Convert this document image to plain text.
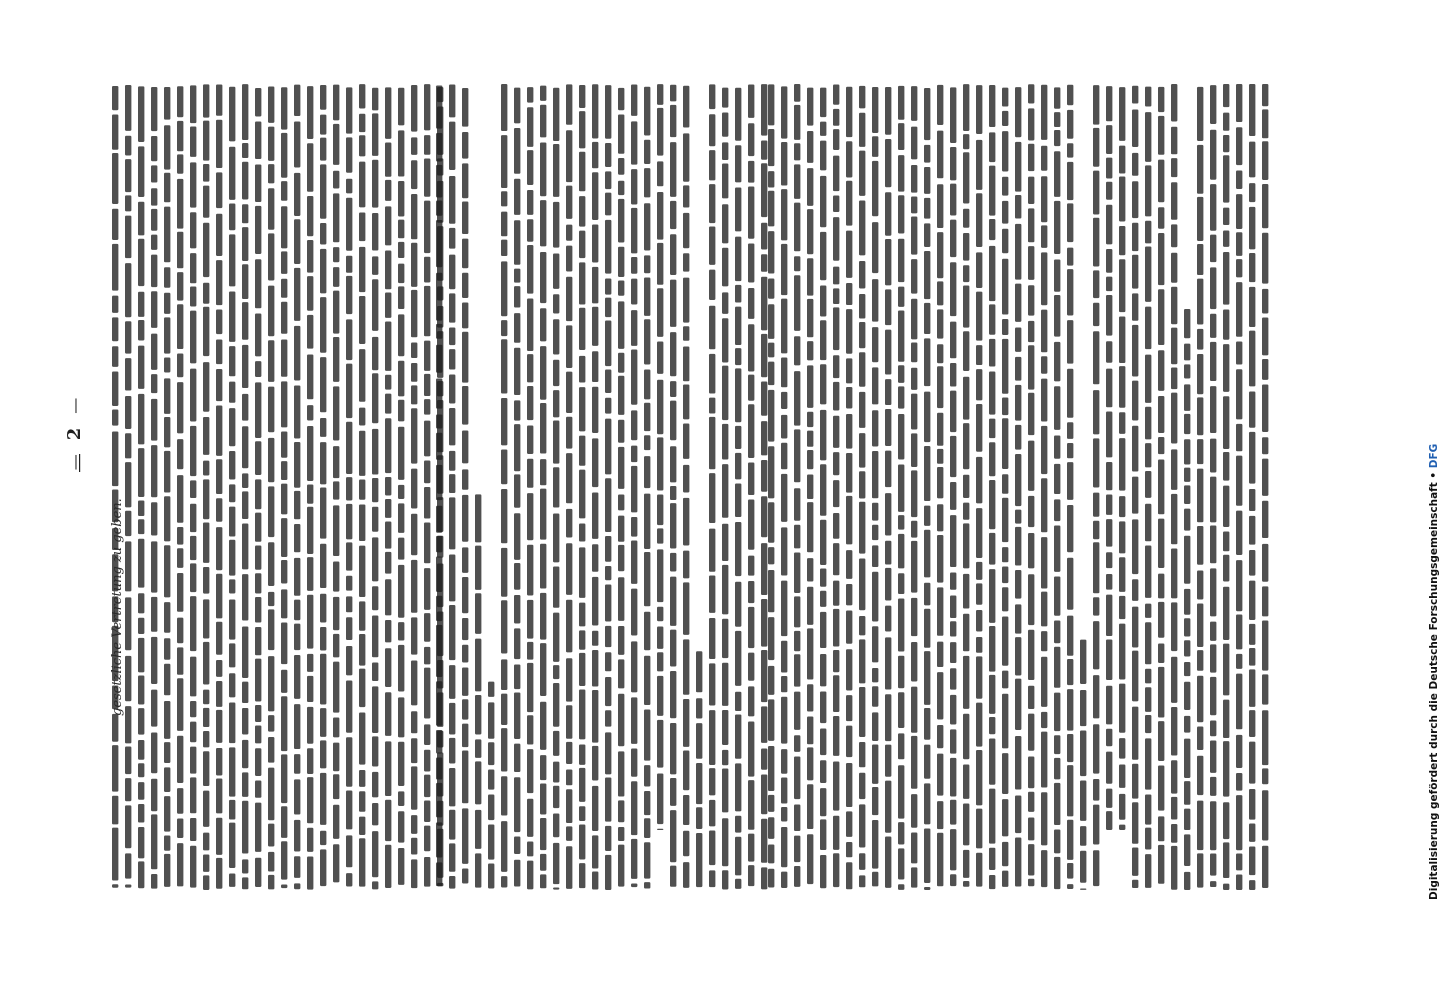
—
2
—
gesetzliche Vertretung zu geben.	Digitalisierung gefördert durch die Deutsche Forschungsgemeinschaft • DFG
